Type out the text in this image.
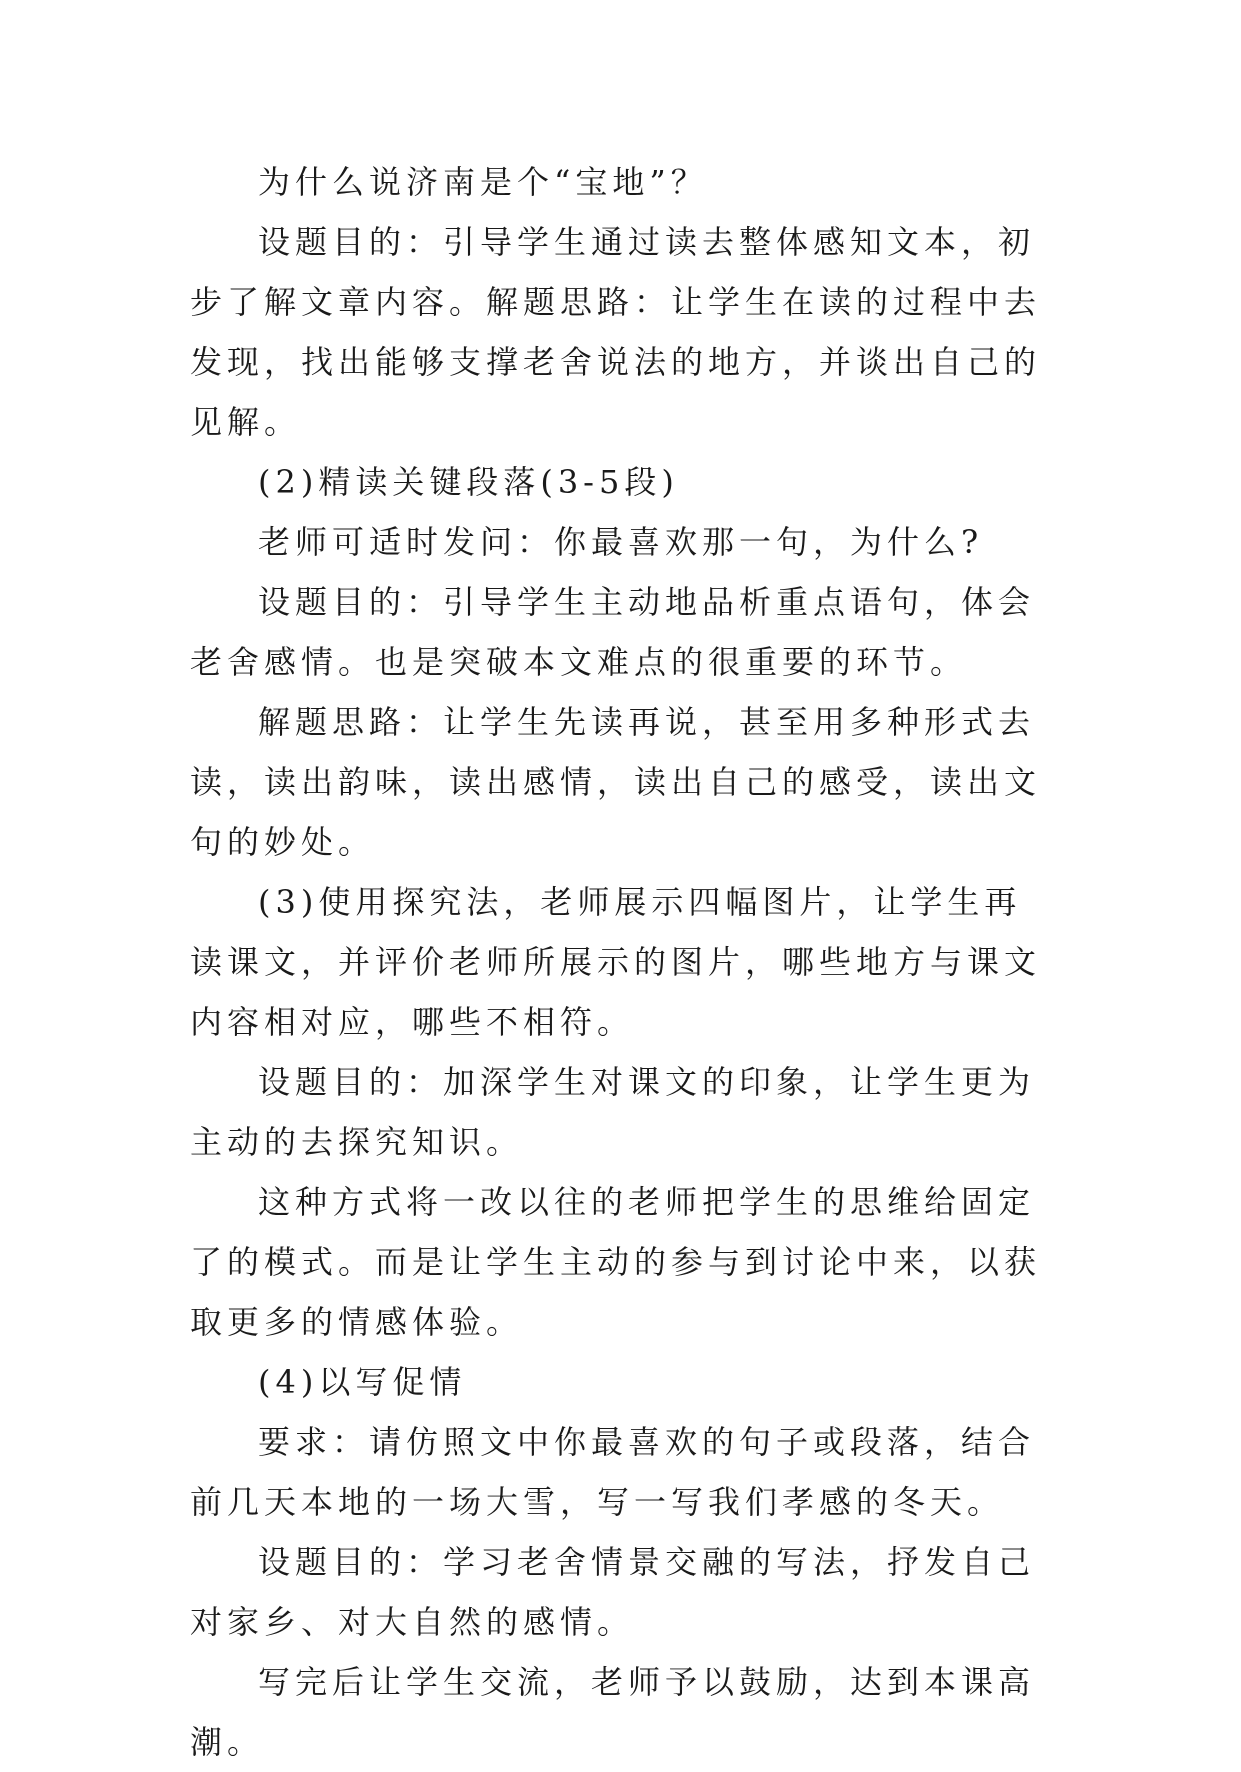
为什么说济南是个“宝地”？

设题目的：引导学生通过读去整体感知文本，初步了解文章内容。解题思路：让学生在读的过程中去发现，找出能够支撑老舍说法的地方，并谈出自己的见解。

(2)精读关键段落(3-5段)

老师可适时发问：你最喜欢那一句，为什么?

设题目的：引导学生主动地品析重点语句，体会老舍感情。也是突破本文难点的很重要的环节。

解题思路：让学生先读再说，甚至用多种形式去读，读出韵味，读出感情，读出自己的感受，读出文句的妙处。

(3)使用探究法，老师展示四幅图片，让学生再读课文，并评价老师所展示的图片，哪些地方与课文内容相对应，哪些不相符。

设题目的：加深学生对课文的印象，让学生更为主动的去探究知识。

这种方式将一改以往的老师把学生的思维给固定了的模式。而是让学生主动的参与到讨论中来，以获取更多的情感体验。

(4)以写促情

要求：请仿照文中你最喜欢的句子或段落，结合前几天本地的一场大雪，写一写我们孝感的冬天。

设题目的：学习老舍情景交融的写法，抒发自己对家乡、对大自然的感情。

写完后让学生交流，老师予以鼓励，达到本课高潮。
